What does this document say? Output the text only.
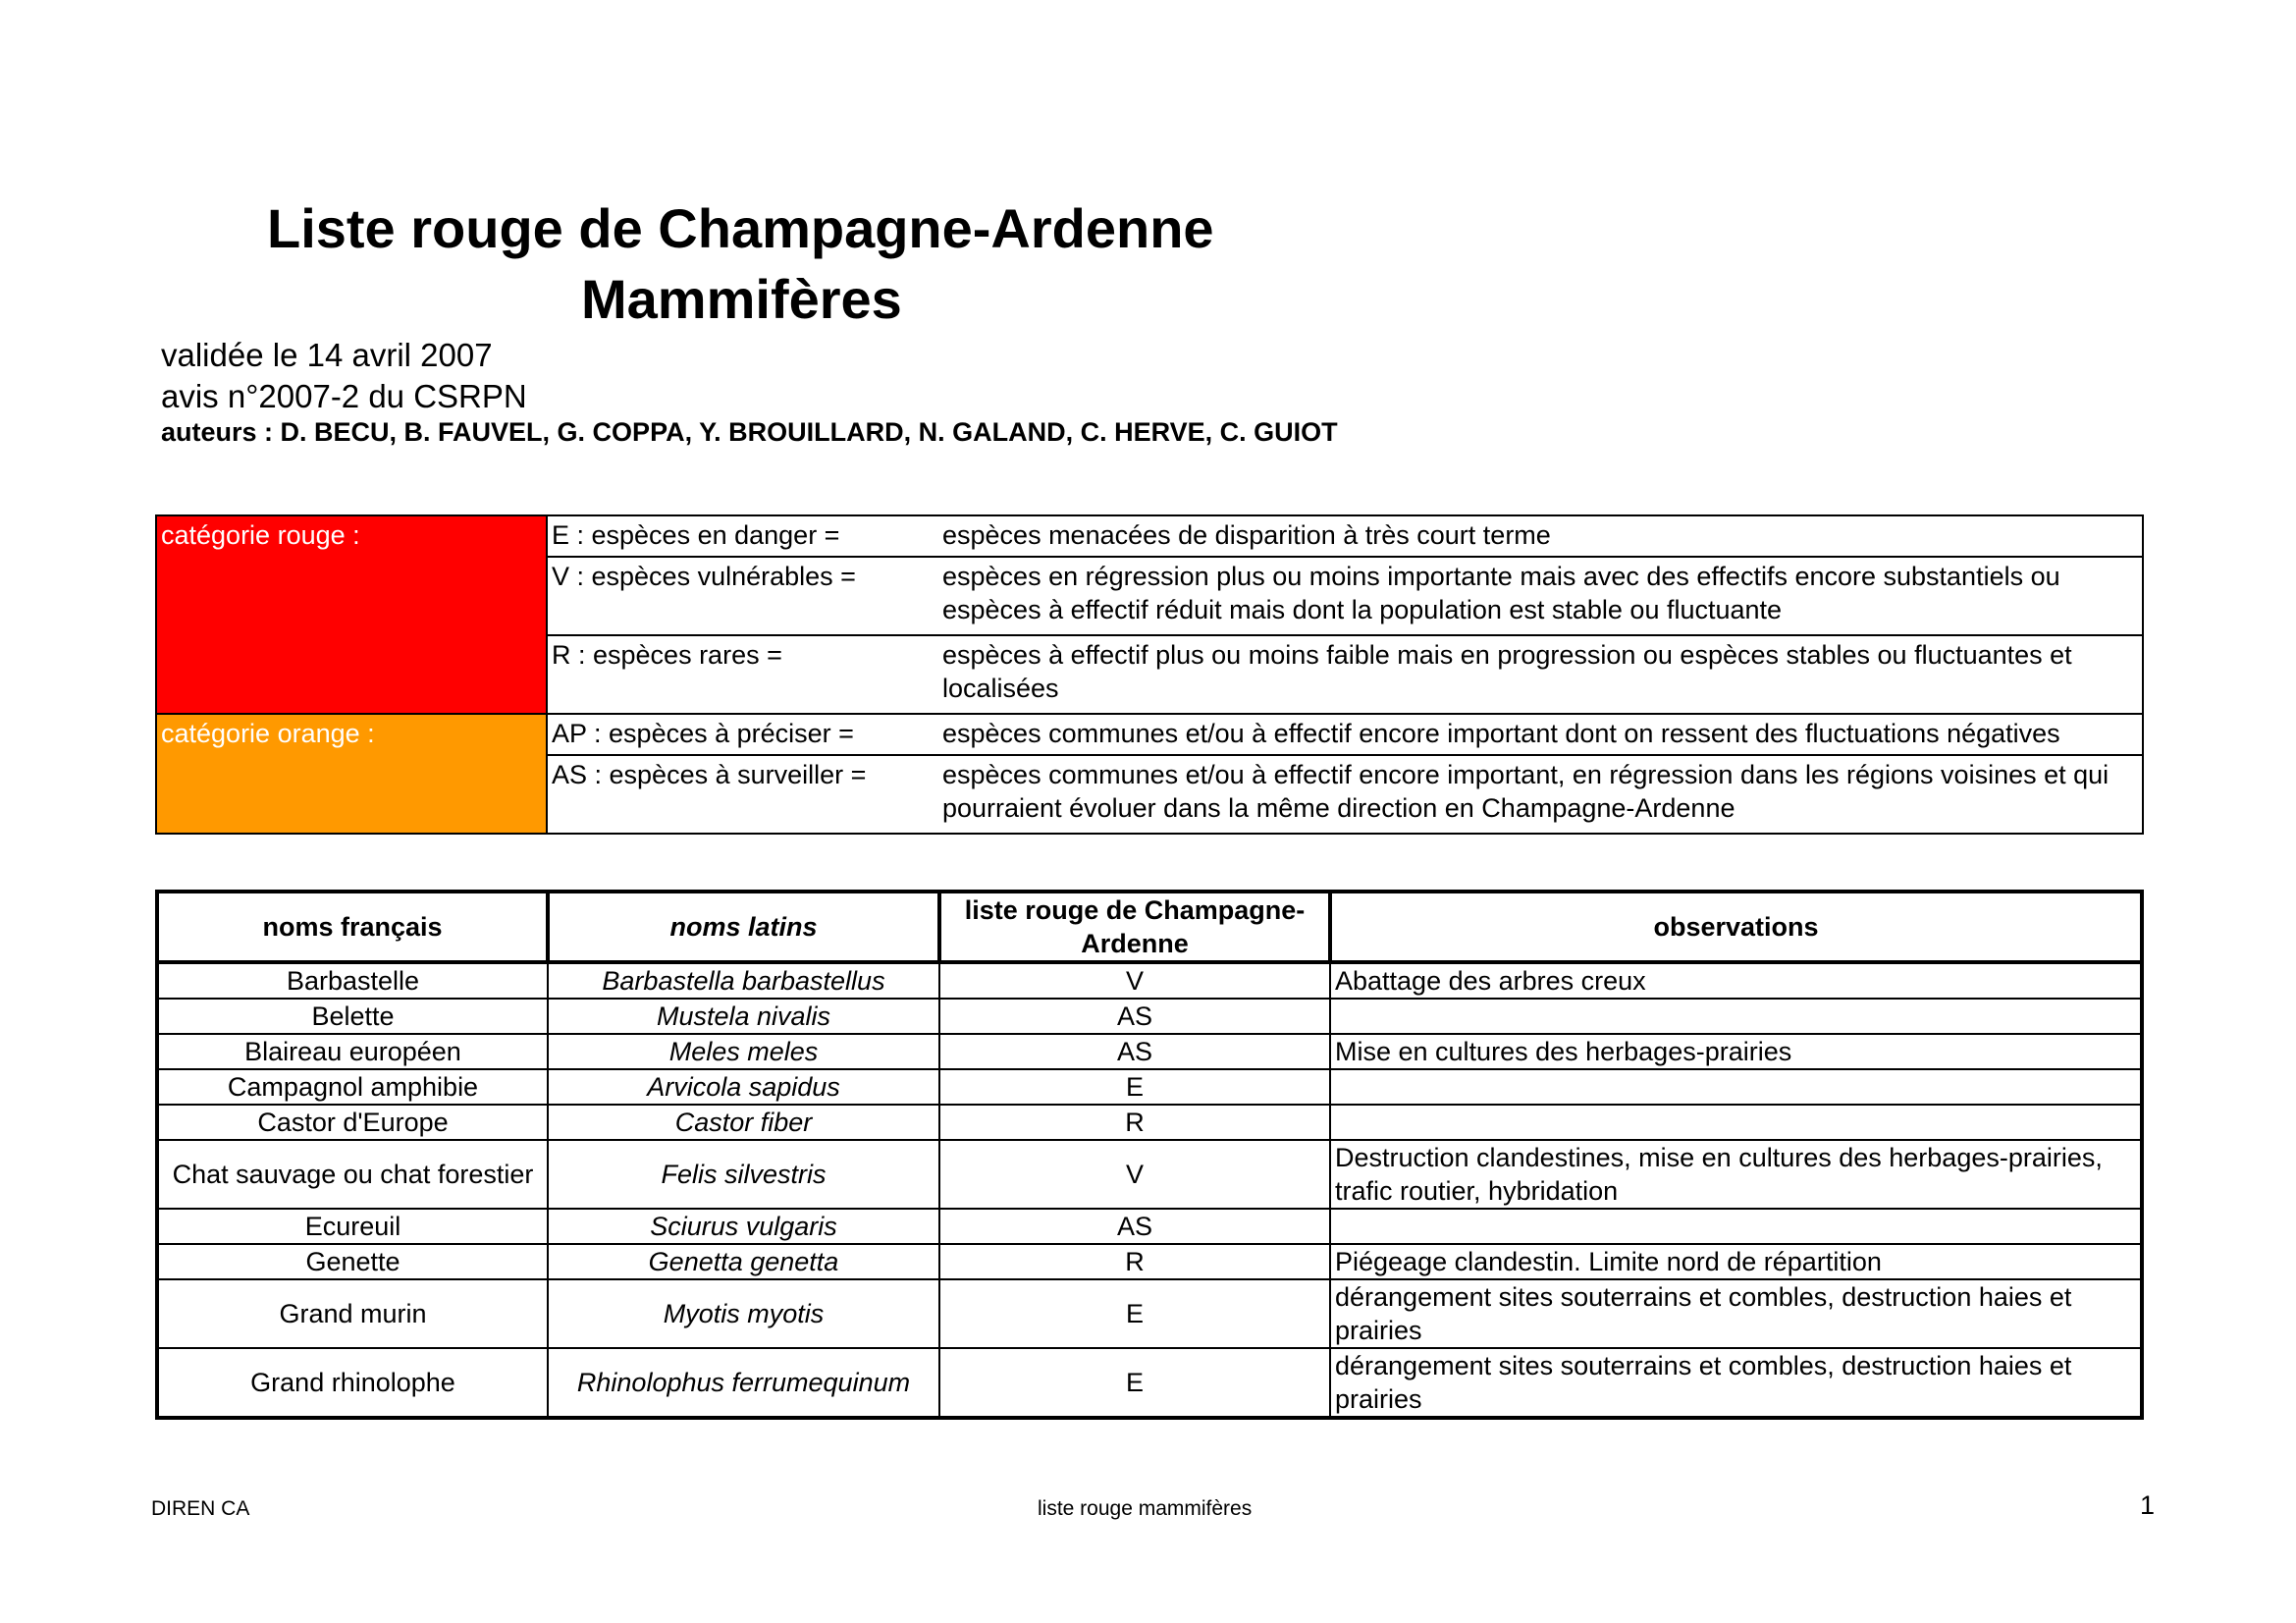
Liste rouge de Champagne-Ardenne
Mammifères
validée le 14 avril 2007
avis n°2007-2 du CSRPN
auteurs : D. BECU, B. FAUVEL, G. COPPA, Y. BROUILLARD, N. GALAND, C. HERVE, C. GUIOT
catégorie rouge :	E : espèces en danger =	espèces menacées de disparition à très court terme
	V : espèces vulnérables =	espèces en régression plus ou moins importante mais avec des effectifs encore substantiels ou espèces à effectif réduit mais dont la population est stable ou fluctuante
	R : espèces rares =	espèces à effectif plus ou moins faible mais en progression ou espèces stables ou fluctuantes et localisées
catégorie orange :	AP : espèces à préciser =	espèces communes et/ou à effectif encore important dont on ressent des fluctuations négatives
	AS : espèces à surveiller =	espèces communes et/ou à effectif encore important, en régression dans les régions voisines et qui pourraient évoluer dans la même direction en Champagne-Ardenne
noms français	noms latins	liste rouge de Champagne-Ardenne	observations
Barbastelle	Barbastella barbastellus	V	Abattage des arbres creux
Belette	Mustela nivalis	AS	
Blaireau européen	Meles meles	AS	Mise en cultures des herbages-prairies
Campagnol amphibie	Arvicola sapidus	E	
Castor d'Europe	Castor fiber	R	
Chat sauvage ou chat forestier	Felis silvestris	V	Destruction clandestines, mise en cultures des herbages-prairies, trafic routier, hybridation
Ecureuil	Sciurus vulgaris	AS	
Genette	Genetta genetta	R	Piégeage clandestin. Limite nord de répartition
Grand murin	Myotis myotis	E	dérangement sites souterrains et combles, destruction haies et prairies
Grand rhinolophe	Rhinolophus ferrumequinum	E	dérangement sites souterrains et combles, destruction haies et prairies
DIREN CA	liste rouge mammifères	1
